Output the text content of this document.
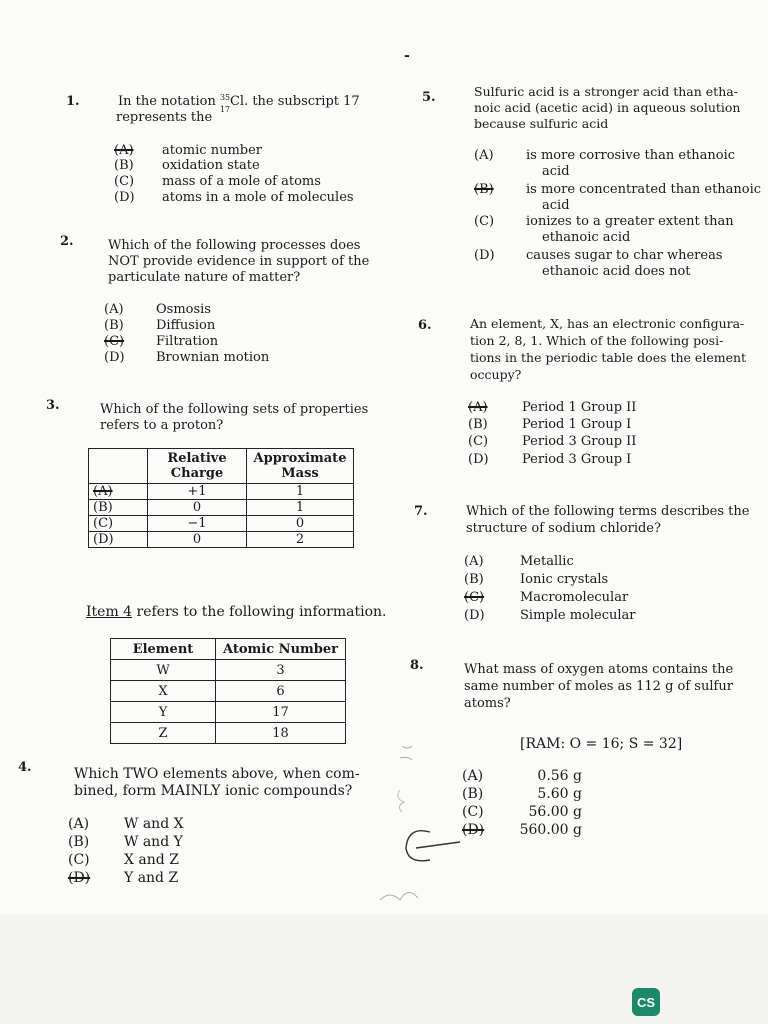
-
1.	In the notation 35
17
Cl. the subscript 17
represents the
(A) atomic number
(B) oxidation state
(C) mass of a mole of atoms
(D) atoms in a mole of molecules
2.	Which of the following processes does
NOT provide evidence in support of the
particulate nature of matter?
(A) Osmosis
(B) Diffusion
(C) Filtration
(D) Brownian motion
3.	Which of the following sets of properties
refers to a proton?
	Relative Charge	Approximate Mass
(A)	+1	1
(B)	0	1
(C)	−1	0
(D)	0	2
Item 4 refers to the following information.
Element	Atomic Number
W	3
X	6
Y	17
Z	18
4.	Which TWO elements above, when com-
bined, form MAINLY ionic compounds?
(A) W and X
(B) W and Y
(C) X and Z
(D) Y and Z
5.	Sulfuric acid is a stronger acid than etha-
noic acid (acetic acid) in aqueous solution
because sulfuric acid
(A) is more corrosive than ethanoic
acid
(B) is more concentrated than ethanoic
acid
(C) ionizes to a greater extent than
ethanoic acid
(D) causes sugar to char whereas
ethanoic acid does not
6.	An element, X, has an electronic configura-
tion 2, 8, 1. Which of the following posi-
tions in the periodic table does the element
occupy?
(A)	Period 1 Group II
(B)	Period 1 Group I
(C)	Period 3 Group II
(D)	Period 3 Group I
7.	Which of the following terms describes the
structure of sodium chloride?
(A)	Metallic
(B)	Ionic crystals
(C)	Macromolecular
(D)	Simple molecular
8.	What mass of oxygen atoms contains the
same number of moles as 112 g of sulfur
atoms?
[RAM: O = 16; S = 32]
(A)	0.56 g
(B)	5.60 g
(C)	56.00 g
(D)	560.00 g
CS
